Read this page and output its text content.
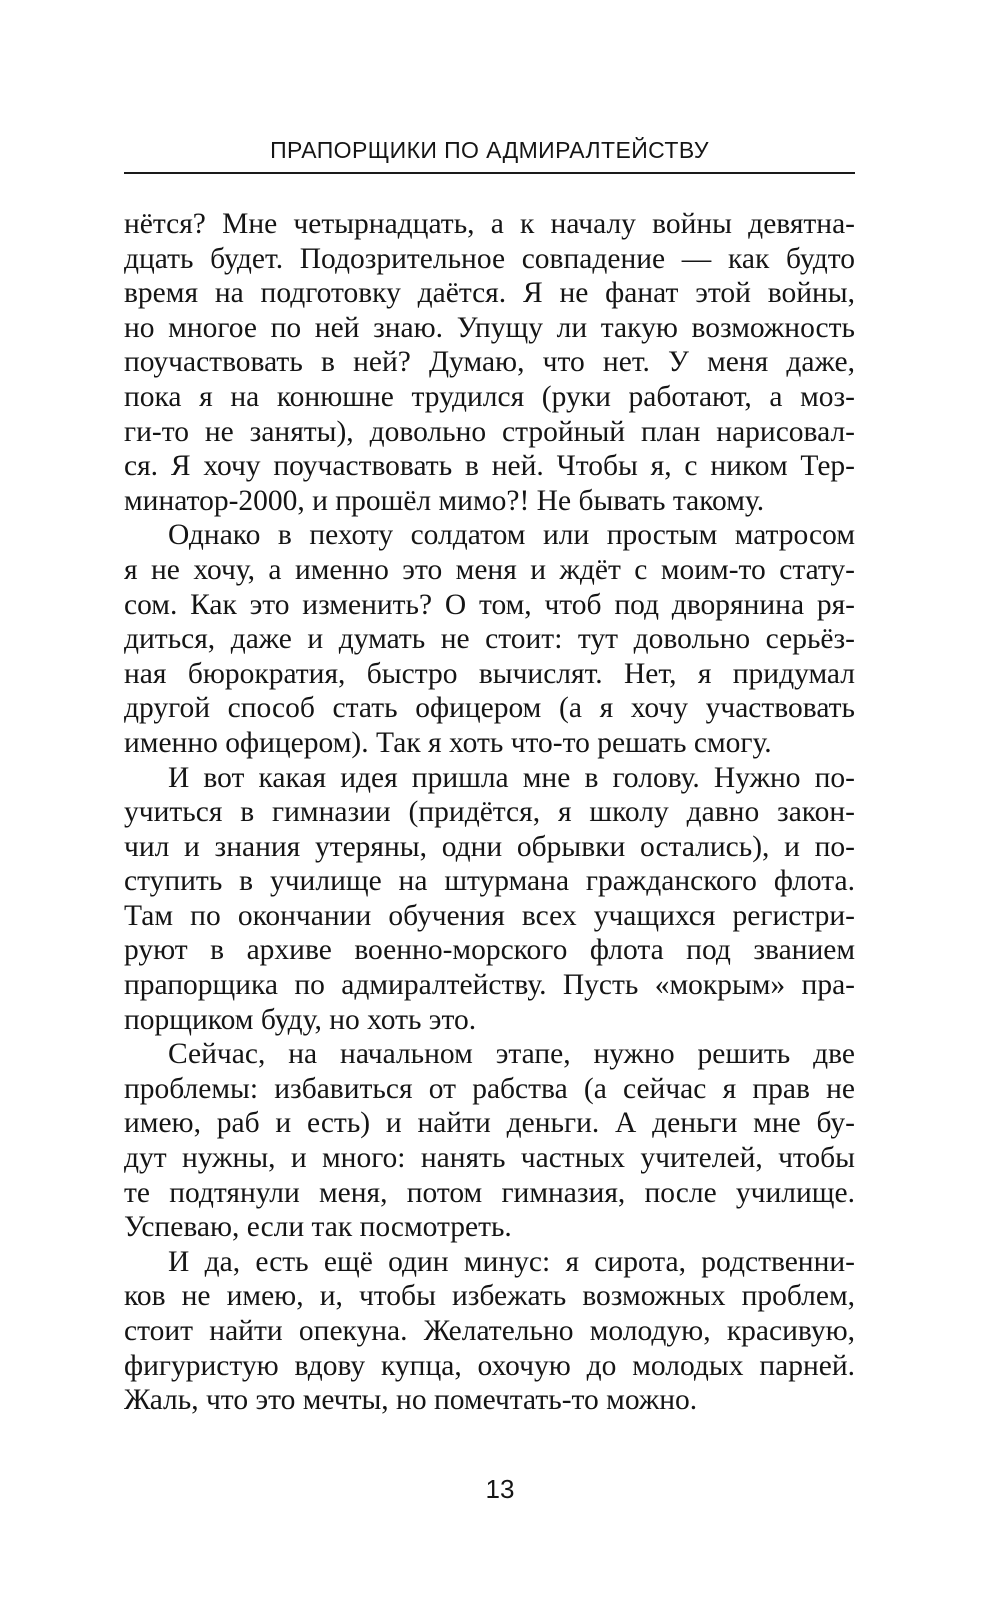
ПРАПОРЩИКИ ПО АДМИРАЛТЕЙСТВУ
нётся? Мне четырнадцать, а к началу войны девятна-
дцать будет. Подозрительное совпадение — как будто
время на подготовку даётся. Я не фанат этой войны,
но многое по ней знаю. Упущу ли такую возможность
поучаствовать в ней? Думаю, что нет. У меня даже,
пока я на конюшне трудился (руки работают, а моз-
ги-то не заняты), довольно стройный план нарисовал-
ся. Я хочу поучаствовать в ней. Чтобы я, с ником Тер-
минатор-2000, и прошёл мимо?! Не бывать такому.
Однако в пехоту солдатом или простым матросом
я не хочу, а именно это меня и ждёт с моим-то стату-
сом. Как это изменить? О том, чтоб под дворянина ря-
диться, даже и думать не стоит: тут довольно серьёз-
ная бюрократия, быстро вычислят. Нет, я придумал
другой способ стать офицером (а я хочу участвовать
именно офицером). Так я хоть что-то решать смогу.
И вот какая идея пришла мне в голову. Нужно по-
учиться в гимназии (придётся, я школу давно закон-
чил и знания утеряны, одни обрывки остались), и по-
ступить в училище на штурмана гражданского флота.
Там по окончании обучения всех учащихся регистри-
руют в архиве военно-морского флота под званием
прапорщика по адмиралтейству. Пусть «мокрым» пра-
порщиком буду, но хоть это.
Сейчас, на начальном этапе, нужно решить две
проблемы: избавиться от рабства (а сейчас я прав не
имею, раб и есть) и найти деньги. А деньги мне бу-
дут нужны, и много: нанять частных учителей, чтобы
те подтянули меня, потом гимназия, после училище.
Успеваю, если так посмотреть.
И да, есть ещё один минус: я сирота, родственни-
ков не имею, и, чтобы избежать возможных проблем,
стоит найти опекуна. Желательно молодую, красивую,
фигуристую вдову купца, охочую до молодых парней.
Жаль, что это мечты, но помечтать-то можно.
13
